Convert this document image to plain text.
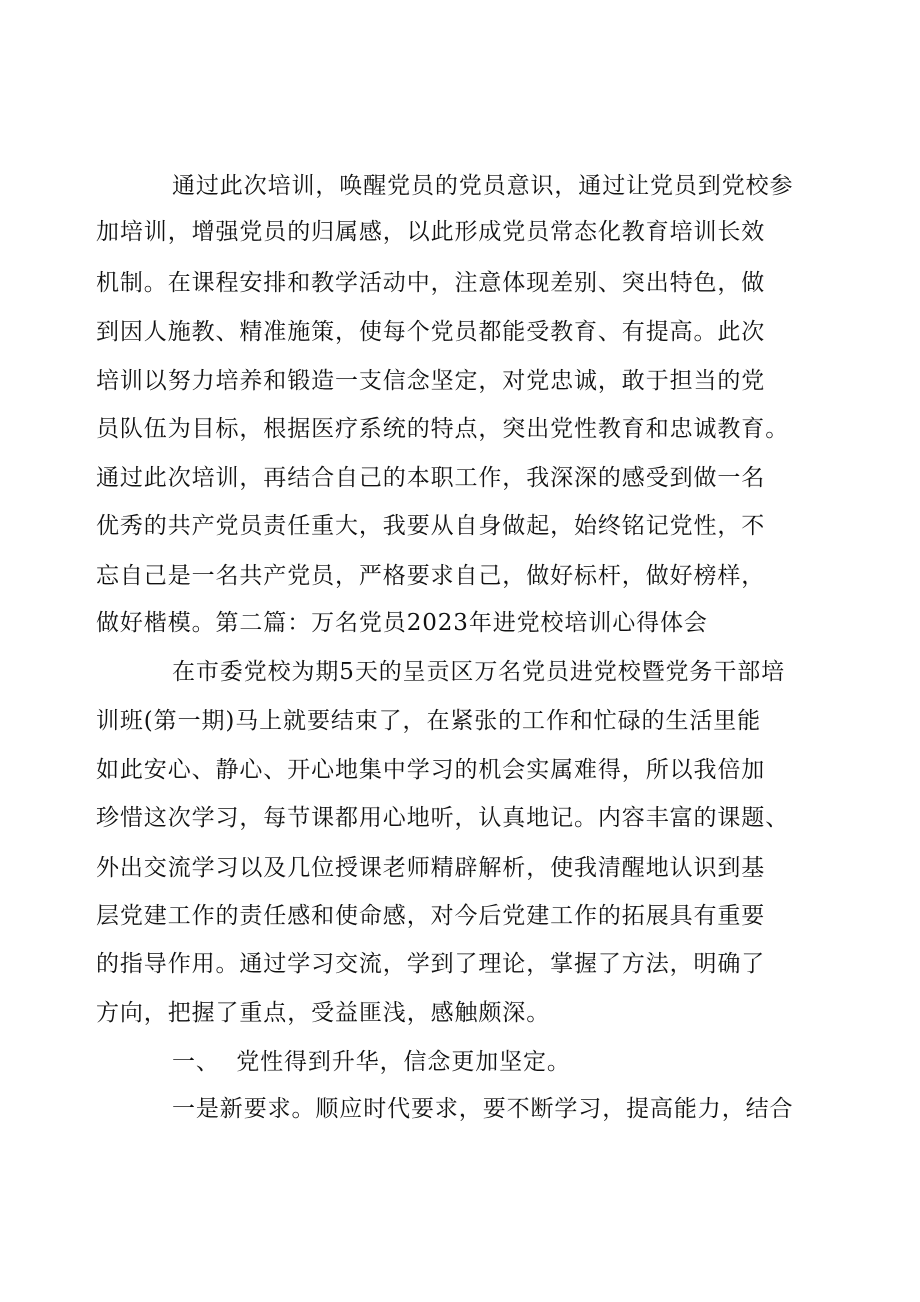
通过此次培训，唤醒党员的党员意识，通过让党员到党校参
加培训，增强党员的归属感，以此形成党员常态化教育培训长效
机制。在课程安排和教学活动中，注意体现差别、突出特色，做
到因人施教、精准施策，使每个党员都能受教育、有提高。此次
培训以努力培养和锻造一支信念坚定，对党忠诚，敢于担当的党
员队伍为目标，根据医疗系统的特点，突出党性教育和忠诚教育。
通过此次培训，再结合自己的本职工作，我深深的感受到做一名
优秀的共产党员责任重大，我要从自身做起，始终铭记党性，不
忘自己是一名共产党员，严格要求自己，做好标杆，做好榜样，
做好楷模。第二篇：万名党员2023年进党校培训心得体会
在市委党校为期5天的呈贡区万名党员进党校暨党务干部培
训班(第一期)马上就要结束了，在紧张的工作和忙碌的生活里能
如此安心、静心、开心地集中学习的机会实属难得，所以我倍加
珍惜这次学习，每节课都用心地听，认真地记。内容丰富的课题、
外出交流学习以及几位授课老师精辟解析，使我清醒地认识到基
层党建工作的责任感和使命感，对今后党建工作的拓展具有重要
的指导作用。通过学习交流，学到了理论，掌握了方法，明确了
方向，把握了重点，受益匪浅，感触颇深。
一、  党性得到升华，信念更加坚定。
一是新要求。顺应时代要求，要不断学习，提高能力，结合
